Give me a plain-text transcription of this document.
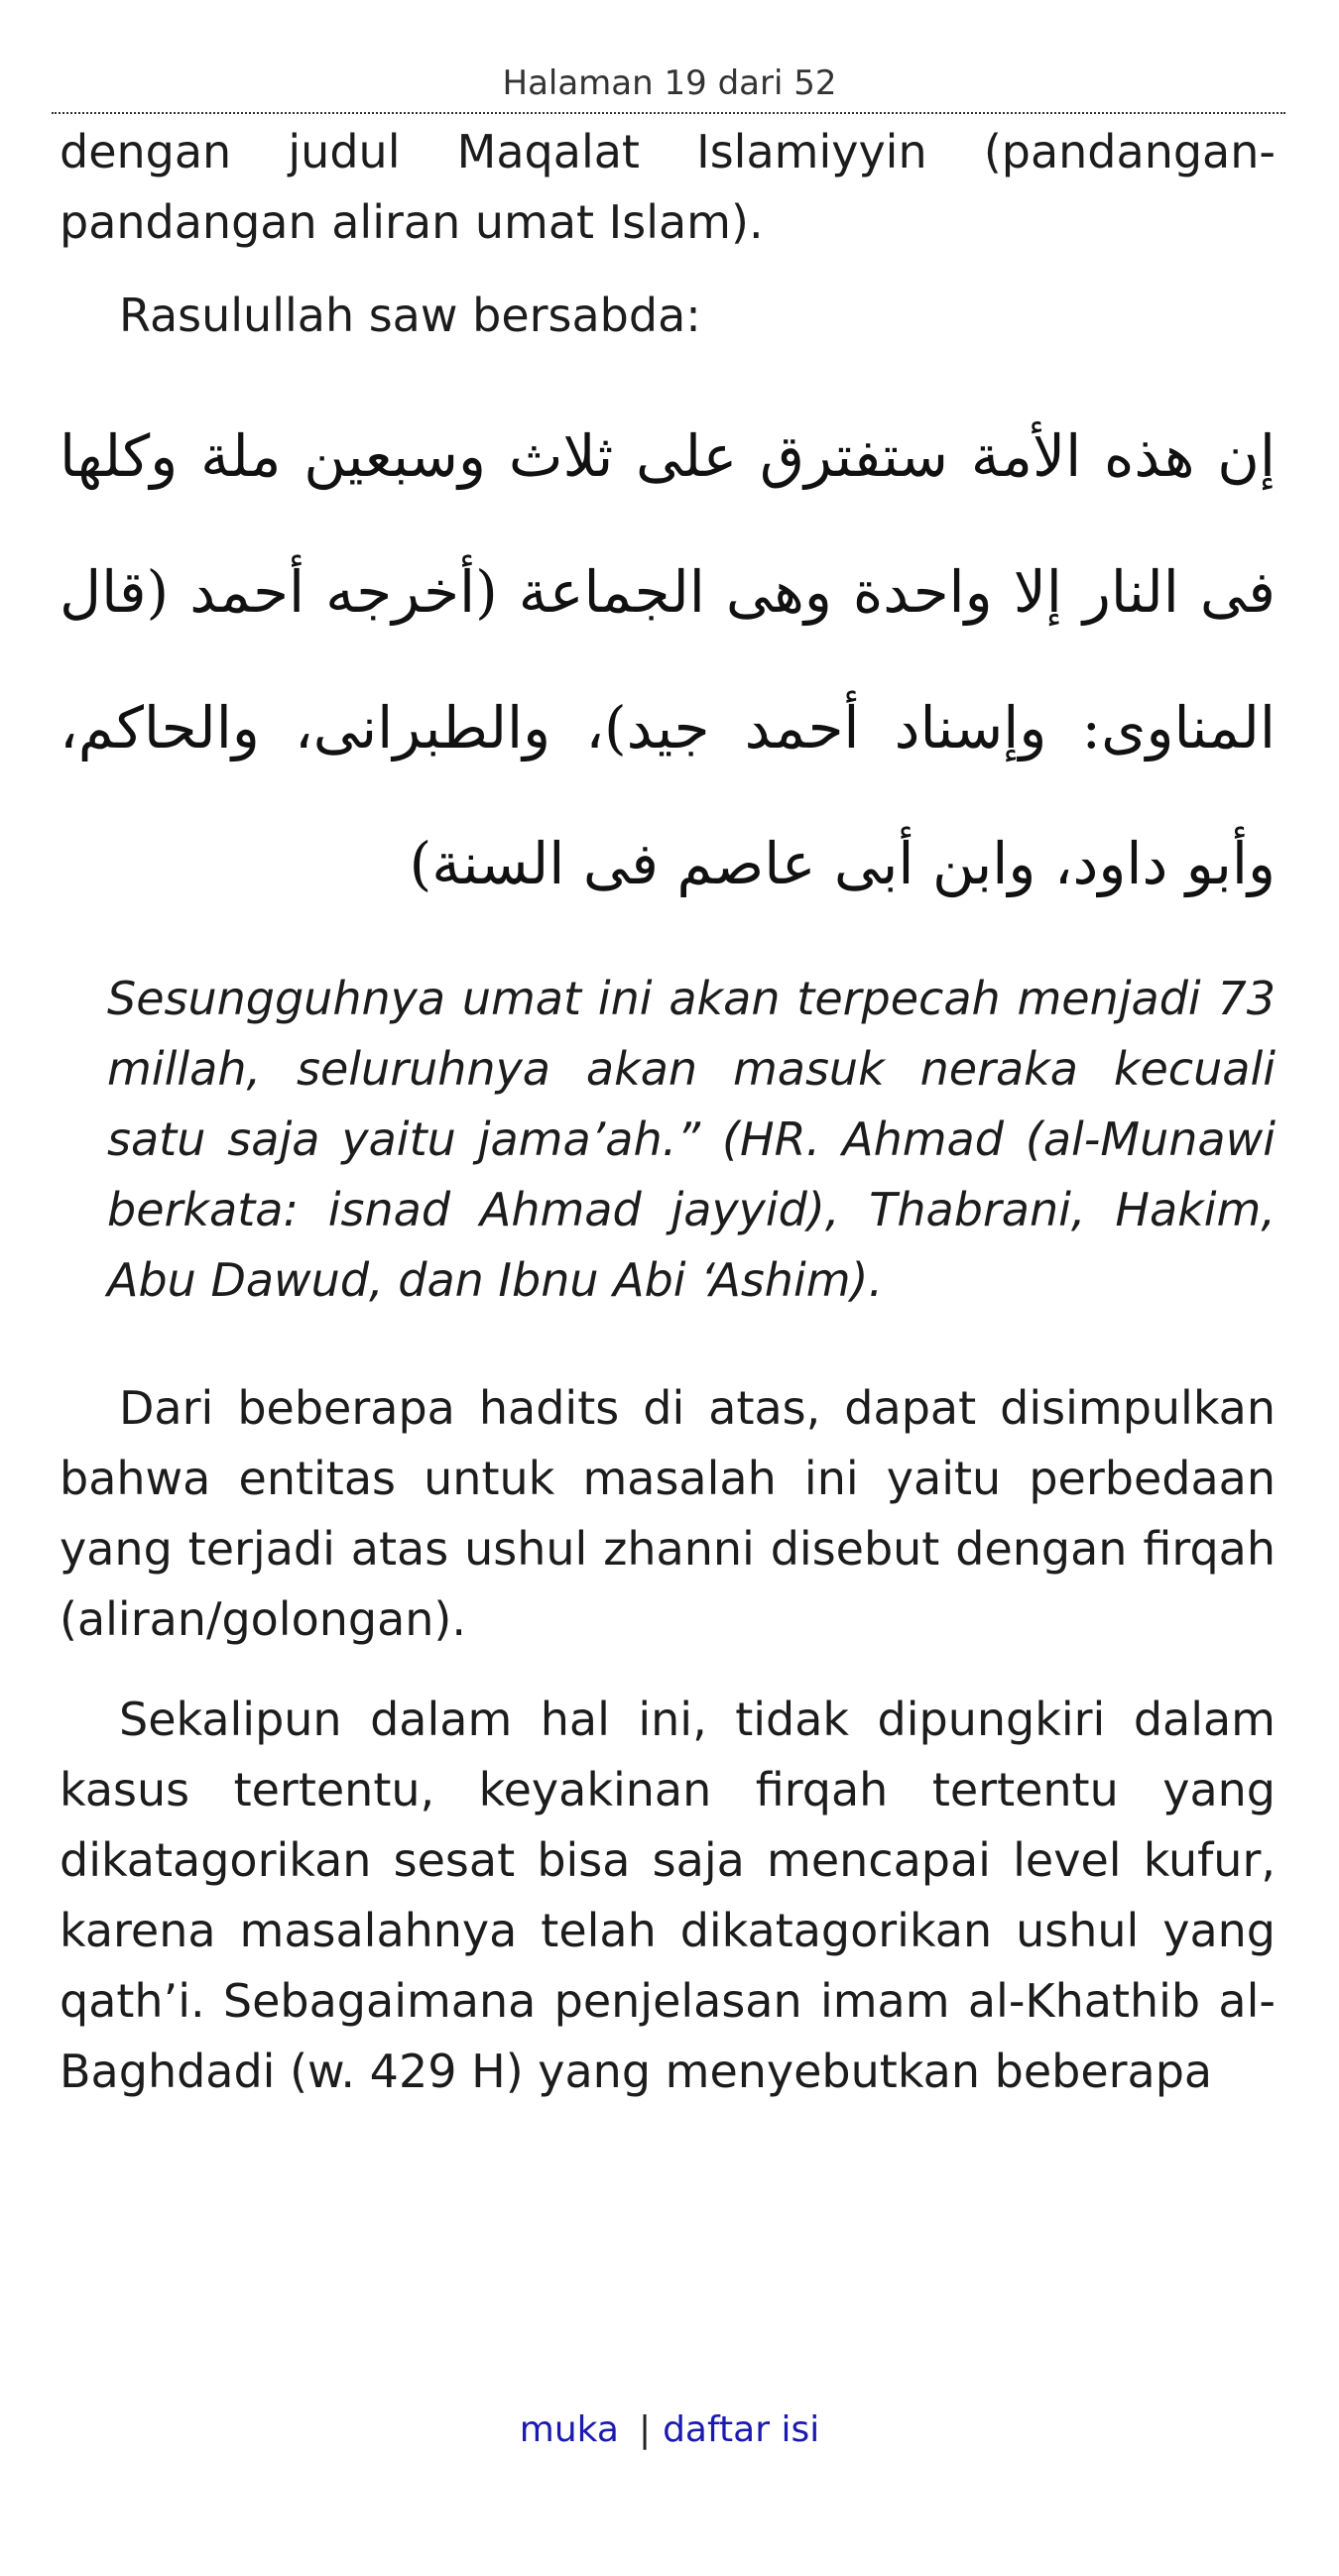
Halaman 19 dari 52

dengan judul Maqalat Islamiyyin (pandangan-pandangan aliran umat Islam).

Rasulullah saw bersabda:

إن هذه الأمة ستفترق على ثلاث وسبعين ملة وكلها فى النار إلا واحدة وهى الجماعة (أخرجه أحمد (قال المناوى: وإسناد أحمد جيد)، والطبرانى، والحاكم، وأبو داود، وابن أبى عاصم فى السنة)

Sesungguhnya umat ini akan terpecah menjadi 73 millah, seluruhnya akan masuk neraka kecuali satu saja yaitu jama’ah.” (HR. Ahmad (al-Munawi berkata: isnad Ahmad jayyid), Thabrani, Hakim, Abu Dawud, dan Ibnu Abi ‘Ashim).

Dari beberapa hadits di atas, dapat disimpulkan bahwa entitas untuk masalah ini yaitu perbedaan yang terjadi atas ushul zhanni disebut dengan firqah (aliran/golongan).

Sekalipun dalam hal ini, tidak dipungkiri dalam kasus tertentu, keyakinan firqah tertentu yang dikatagorikan sesat bisa saja mencapai level kufur, karena masalahnya telah dikatagorikan ushul yang qath’i. Sebagaimana penjelasan imam al-Khathib al-Baghdadi (w. 429 H) yang menyebutkan beberapa

muka | daftar isi
